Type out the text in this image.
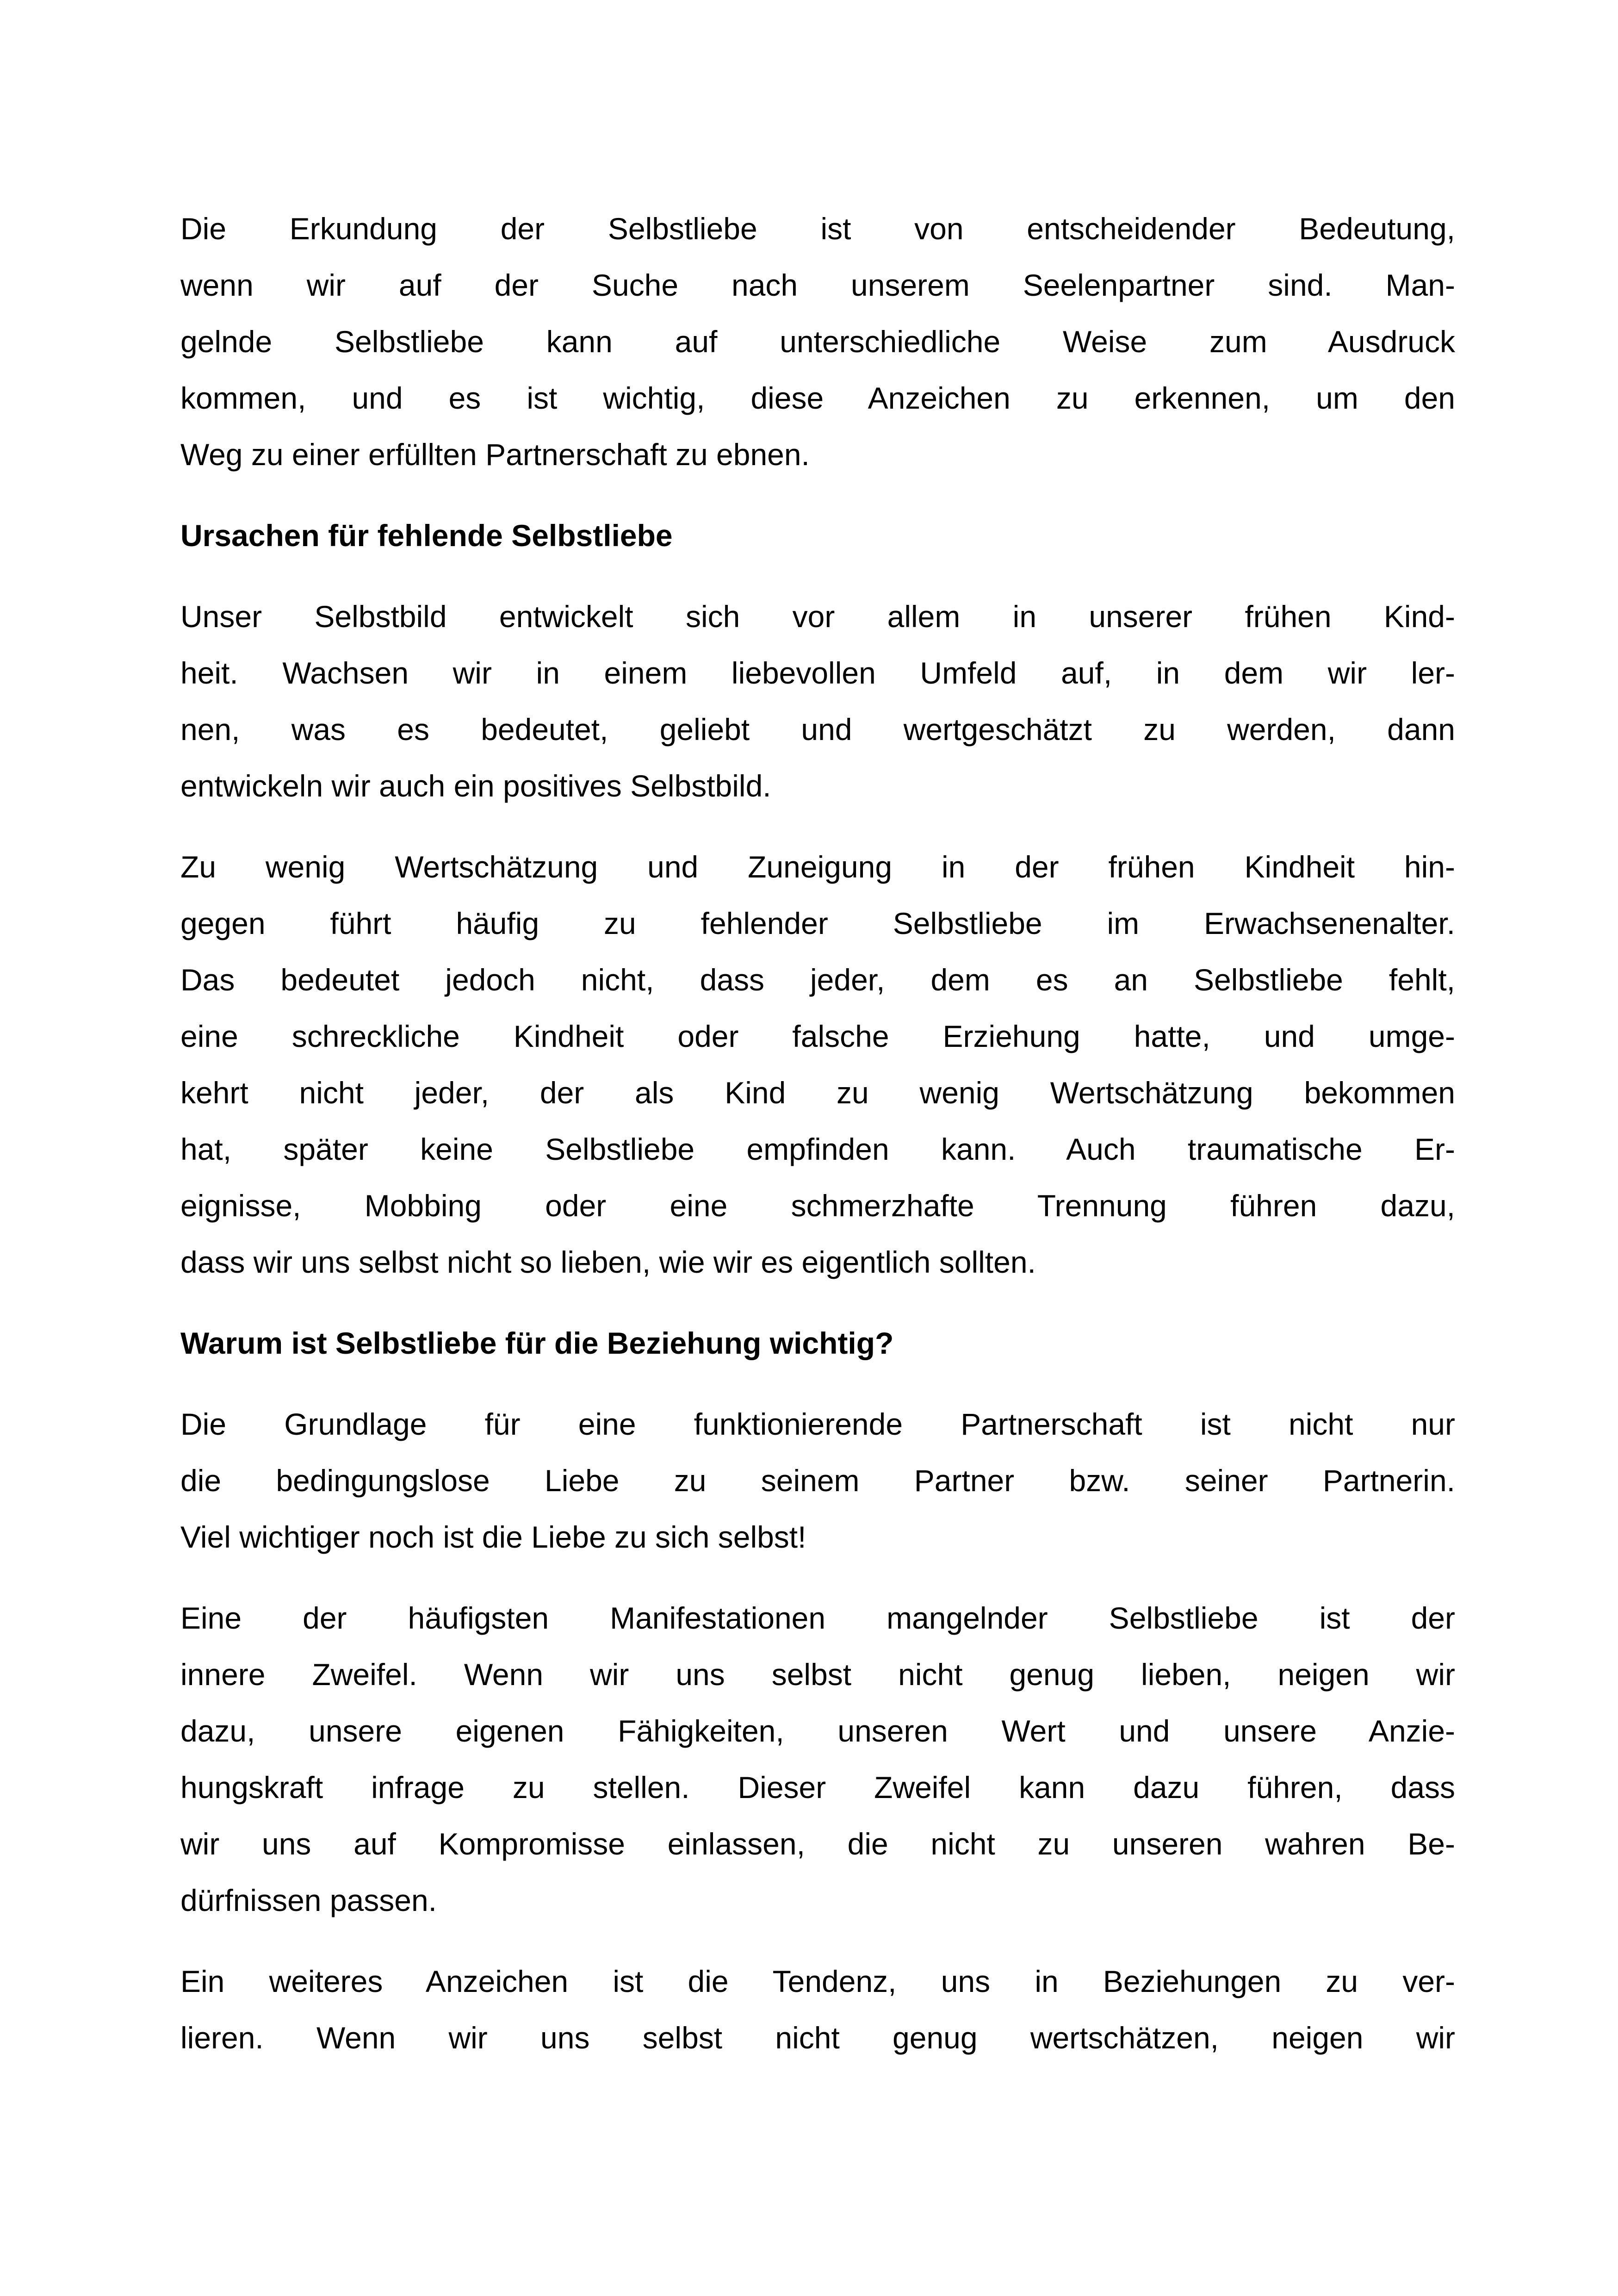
Die Erkundung der Selbstliebe ist von entscheidender Bedeutung,
wenn wir auf der Suche nach unserem Seelenpartner sind. Man-
gelnde Selbstliebe kann auf unterschiedliche Weise zum Ausdruck
kommen, und es ist wichtig, diese Anzeichen zu erkennen, um den
Weg zu einer erfüllten Partnerschaft zu ebnen.

Ursachen für fehlende Selbstliebe

Unser Selbstbild entwickelt sich vor allem in unserer frühen Kind-
heit. Wachsen wir in einem liebevollen Umfeld auf, in dem wir ler-
nen, was es bedeutet, geliebt und wertgeschätzt zu werden, dann
entwickeln wir auch ein positives Selbstbild.

Zu wenig Wertschätzung und Zuneigung in der frühen Kindheit hin-
gegen führt häufig zu fehlender Selbstliebe im Erwachsenenalter.
Das bedeutet jedoch nicht, dass jeder, dem es an Selbstliebe fehlt,
eine schreckliche Kindheit oder falsche Erziehung hatte, und umge-
kehrt nicht jeder, der als Kind zu wenig Wertschätzung bekommen
hat, später keine Selbstliebe empfinden kann. Auch traumatische Er-
eignisse, Mobbing oder eine schmerzhafte Trennung führen dazu,
dass wir uns selbst nicht so lieben, wie wir es eigentlich sollten.

Warum ist Selbstliebe für die Beziehung wichtig?

Die Grundlage für eine funktionierende Partnerschaft ist nicht nur
die bedingungslose Liebe zu seinem Partner bzw. seiner Partnerin.
Viel wichtiger noch ist die Liebe zu sich selbst!

Eine der häufigsten Manifestationen mangelnder Selbstliebe ist der
innere Zweifel. Wenn wir uns selbst nicht genug lieben, neigen wir
dazu, unsere eigenen Fähigkeiten, unseren Wert und unsere Anzie-
hungskraft infrage zu stellen. Dieser Zweifel kann dazu führen, dass
wir uns auf Kompromisse einlassen, die nicht zu unseren wahren Be-
dürfnissen passen.

Ein weiteres Anzeichen ist die Tendenz, uns in Beziehungen zu ver-
lieren. Wenn wir uns selbst nicht genug wertschätzen, neigen wir
